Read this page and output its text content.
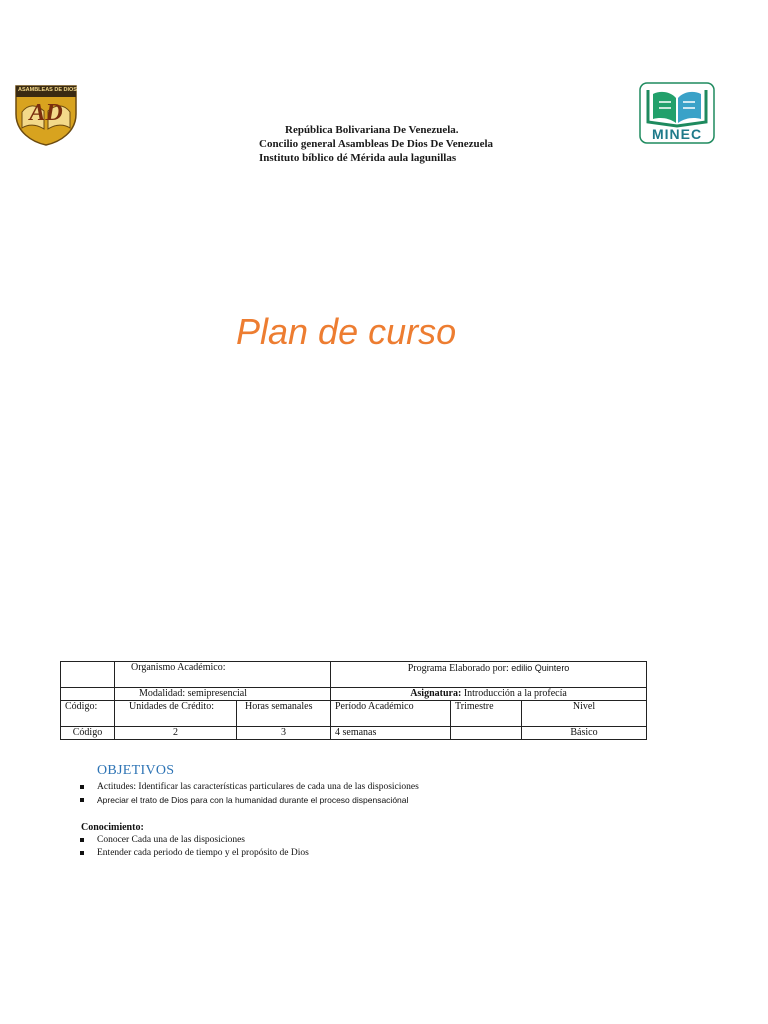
ASAMBLEAS DE DIOS
AD
MINEC
República Bolivariana De Venezuela.
Concilio general Asambleas De Dios De Venezuela
Instituto bíblico dé Mérida aula lagunillas
Plan de curso
	Organismo Académico:		Programa Elaborado por: edilio Quintero		
	Modalidad: semipresencial		Asignatura: Introducción a la profecía		
Código:	Unidades de Crédito:	Horas semanales	Período Académico	Trimestre	Nivel
Código	2	3	4 semanas		Básico
OBJETIVOS
Actitudes: Identificar las características particulares de cada una de las disposiciones
Apreciar el trato de Dios para con la humanidad durante el proceso dispensaciónal
Conocimiento:
Conocer Cada una de las disposiciones
Entender cada periodo de tiempo y el propósito de Dios
